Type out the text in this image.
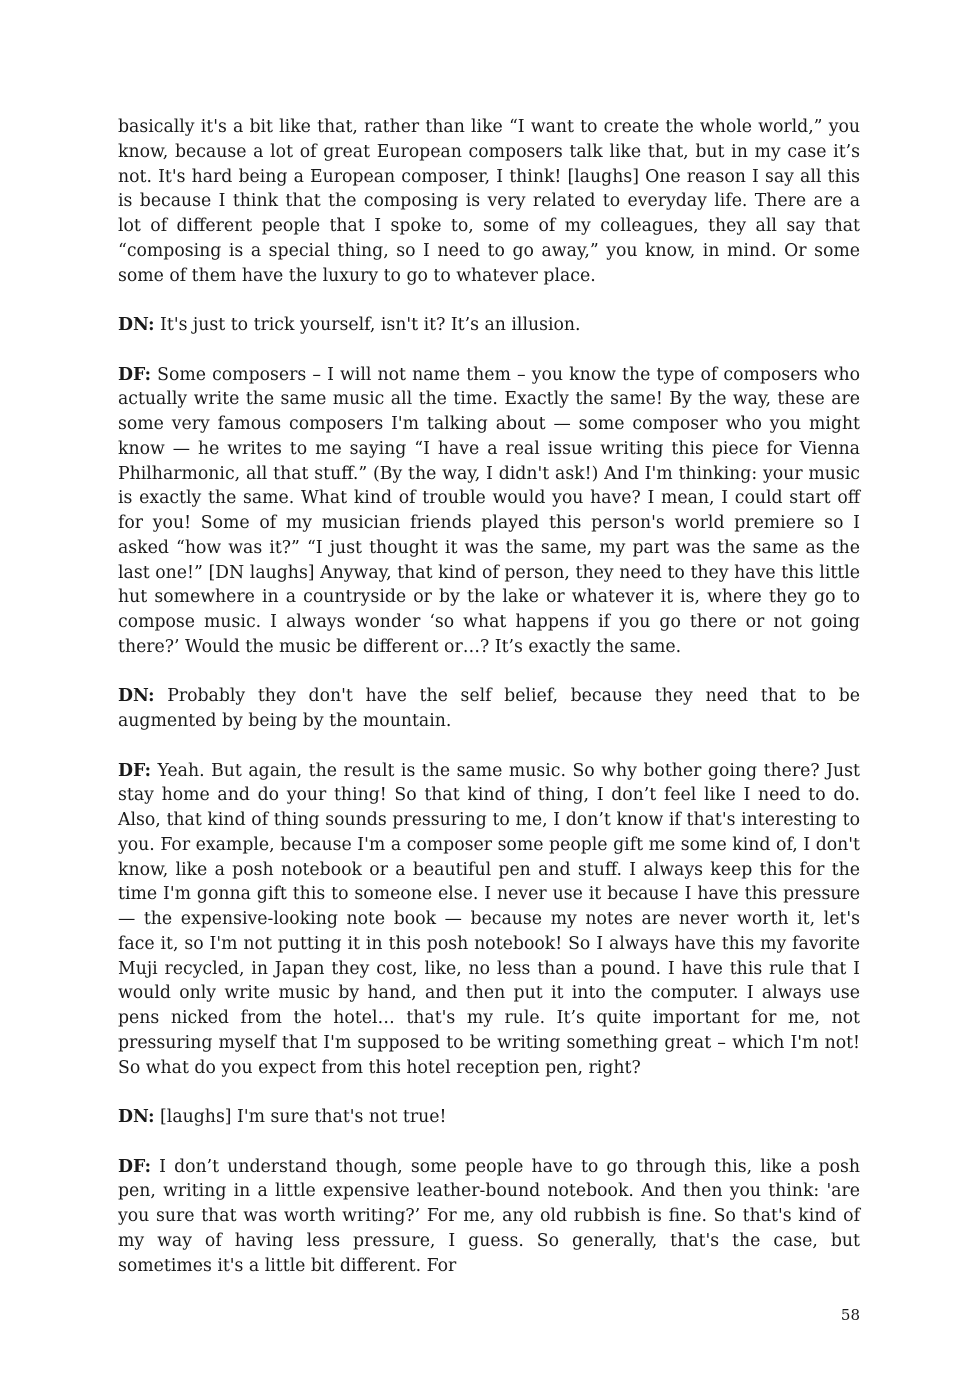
basically it's a bit like that, rather than like “I want to create the whole world,” you know, because a lot of great European composers talk like that, but in my case it’s not. It's hard being a European composer, I think! [laughs] One reason I say all this is because I think that the composing is very related to everyday life. There are a lot of different people that I spoke to, some of my colleagues, they all say that “composing is a special thing, so I need to go away,” you know, in mind. Or some some of them have the luxury to go to whatever place.

DN: It's just to trick yourself, isn't it? It’s an illusion.

DF: Some composers – I will not name them – you know the type of composers who actually write the same music all the time. Exactly the same! By the way, these are some very famous composers I'm talking about — some composer who you might know — he writes to me saying “I have a real issue writing this piece for Vienna Philharmonic, all that stuff.” (By the way, I didn't ask!) And I'm thinking: your music is exactly the same. What kind of trouble would you have? I mean, I could start off for you! Some of my musician friends played this person's world premiere so I asked “how was it?” “I just thought it was the same, my part was the same as the last one!” [DN laughs] Anyway, that kind of person, they need to they have this little hut somewhere in a countryside or by the lake or whatever it is, where they go to compose music. I always wonder ‘so what happens if you go there or not going there?’ Would the music be different or…? It’s exactly the same.

DN: Probably they don't have the self belief, because they need that to be augmented by being by the mountain.

DF: Yeah. But again, the result is the same music. So why bother going there? Just stay home and do your thing! So that kind of thing, I don’t feel like I need to do. Also, that kind of thing sounds pressuring to me, I don’t know if that's interesting to you. For example, because I'm a composer some people gift me some kind of, I don't know, like a posh notebook or a beautiful pen and stuff. I always keep this for the time I'm gonna gift this to someone else. I never use it because I have this pressure — the expensive-looking note book — because my notes are never worth it, let's face it, so I'm not putting it in this posh notebook! So I always have this my favorite Muji recycled, in Japan they cost, like, no less than a pound. I have this rule that I would only write music by hand, and then put it into the computer. I always use pens nicked from the hotel… that's my rule. It’s quite important for me, not pressuring myself that I'm supposed to be writing something great – which I'm not! So what do you expect from this hotel reception pen, right?

DN: [laughs] I'm sure that's not true!

DF: I don’t understand though, some people have to go through this, like a posh pen, writing in a little expensive leather-bound notebook. And then you think: 'are you sure that was worth writing?’ For me, any old rubbish is fine. So that's kind of my way of having less pressure, I guess. So generally, that's the case, but sometimes it's a little bit different. For

58
